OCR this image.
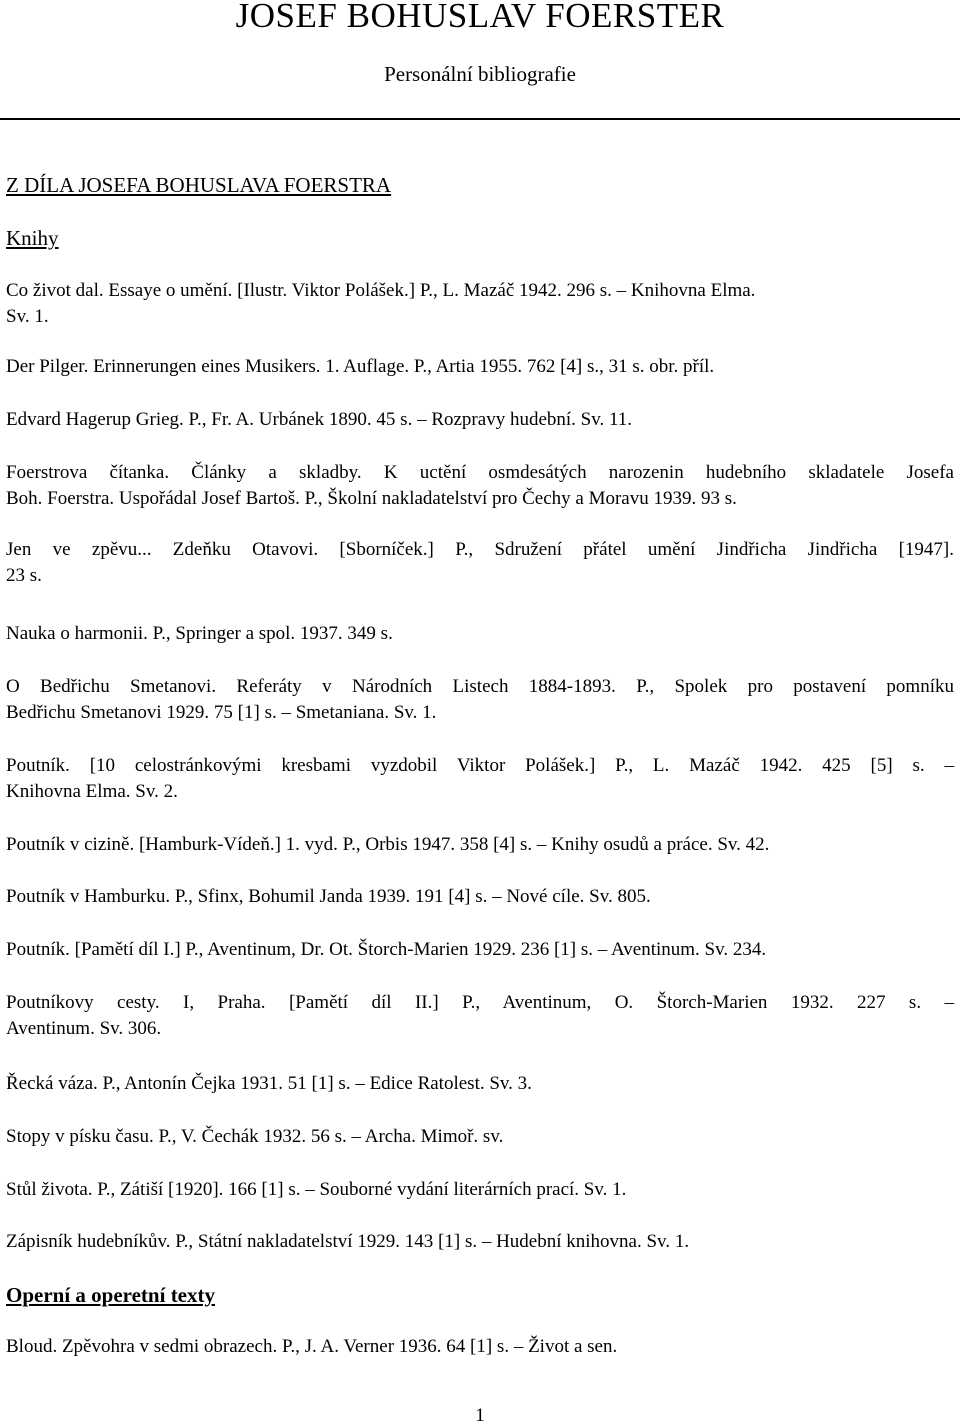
JOSEF BOHUSLAV FOERSTER

Personální bibliografie

Z DÍLA JOSEFA BOHUSLAVA FOERSTRA

Knihy

Co život dal. Essaye o umění. [Ilustr. Viktor Polášek.] P., L. Mazáč 1942. 296 s. – Knihovna Elma.
Sv. 1.

Der Pilger. Erinnerungen eines Musikers. 1. Auflage. P., Artia 1955. 762 [4] s., 31 s. obr. příl.

Edvard Hagerup Grieg. P., Fr. A. Urbánek 1890. 45 s. – Rozpravy hudební. Sv. 11.

Foerstrova čítanka. Články a skladby. K uctění osmdesátých narozenin hudebního skladatele Josefa
Boh. Foerstra. Uspořádal Josef Bartoš. P., Školní nakladatelství pro Čechy a Moravu 1939. 93 s.

Jen ve zpěvu... Zdeňku Otavovi. [Sborníček.] P., Sdružení přátel umění Jindřicha Jindřicha [1947].
23 s.

Nauka o harmonii. P., Springer a spol. 1937. 349 s.

O Bedřichu Smetanovi. Referáty v Národních Listech 1884-1893. P., Spolek pro postavení pomníku
Bedřichu Smetanovi 1929. 75 [1] s. – Smetaniana. Sv. 1.

Poutník. [10 celostránkovými kresbami vyzdobil Viktor Polášek.] P., L. Mazáč 1942. 425 [5] s. –
Knihovna Elma. Sv. 2.

Poutník v cizině. [Hamburk-Vídeň.] 1. vyd. P., Orbis 1947. 358 [4] s. – Knihy osudů a práce. Sv. 42.

Poutník v Hamburku. P., Sfinx, Bohumil Janda 1939. 191 [4] s. – Nové cíle. Sv. 805.

Poutník. [Pamětí díl I.] P., Aventinum, Dr. Ot. Štorch-Marien 1929. 236 [1] s. – Aventinum. Sv. 234.

Poutníkovy cesty. I, Praha. [Pamětí díl II.] P., Aventinum, O. Štorch-Marien 1932. 227 s. –
Aventinum. Sv. 306.

Řecká váza. P., Antonín Čejka 1931. 51 [1] s. – Edice Ratolest. Sv. 3.

Stopy v písku času. P., V. Čechák 1932. 56 s. – Archa. Mimoř. sv.

Stůl života. P., Zátiší [1920]. 166 [1] s. – Souborné vydání literárních prací. Sv. 1.

Zápisník hudebníkův. P., Státní nakladatelství 1929. 143 [1] s. – Hudební knihovna. Sv. 1.

Operní a operetní texty

Bloud. Zpěvohra v sedmi obrazech. P., J. A. Verner 1936. 64 [1] s. – Život a sen.

1
